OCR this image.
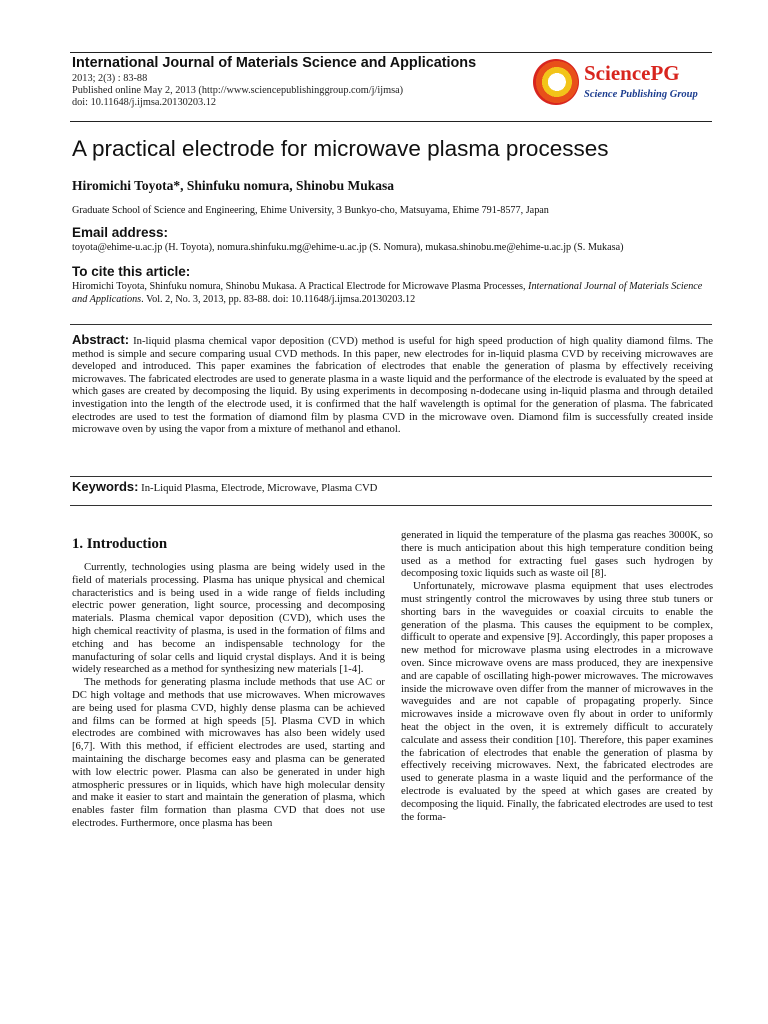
International Journal of Materials Science and Applications
2013; 2(3) : 83-88
Published online May 2, 2013 (http://www.sciencepublishinggroup.com/j/ijmsa)
doi: 10.11648/j.ijmsa.20130203.12
SciencePG
Science Publishing Group
A practical electrode for microwave plasma processes
Hiromichi Toyota*, Shinfuku nomura, Shinobu Mukasa
Graduate School of Science and Engineering, Ehime University, 3 Bunkyo-cho, Matsuyama, Ehime 791-8577, Japan
Email address:
toyota@ehime-u.ac.jp (H. Toyota), nomura.shinfuku.mg@ehime-u.ac.jp (S. Nomura), mukasa.shinobu.me@ehime-u.ac.jp (S. Mukasa)
To cite this article:
Hiromichi Toyota, Shinfuku nomura, Shinobu Mukasa. A Practical Electrode for Microwave Plasma Processes, International Journal of Materials Science and Applications. Vol. 2, No. 3, 2013, pp. 83-88. doi: 10.11648/j.ijmsa.20130203.12
Abstract: In-liquid plasma chemical vapor deposition (CVD) method is useful for high speed production of high quality diamond films. The method is simple and secure comparing usual CVD methods. In this paper, new electrodes for in-liquid plasma CVD by receiving microwaves are developed and introduced. This paper examines the fabrication of electrodes that enable the generation of plasma by effectively receiving microwaves. The fabricated electrodes are used to generate plasma in a waste liquid and the performance of the electrode is evaluated by the speed at which gases are created by decomposing the liquid. By using experiments in decomposing n-dodecane using in-liquid plasma and through detailed investigation into the length of the electrode used, it is confirmed that the half wavelength is optimal for the generation of plasma. The fabricated electrodes are used to test the formation of diamond film by plasma CVD in the microwave oven. Diamond film is successfully created inside microwave oven by using the vapor from a mixture of methanol and ethanol.
Keywords: In-Liquid Plasma, Electrode, Microwave, Plasma CVD
1. Introduction

Currently, technologies using plasma are being widely used in the field of materials processing. Plasma has unique physical and chemical characteristics and is being used in a wide range of fields including electric power generation, light source, processing and decomposing materials. Plasma chemical vapor deposition (CVD), which uses the high chemical reactivity of plasma, is used in the formation of films and etching and has become an indispensable technology for the manufacturing of solar cells and liquid crystal displays. And it is being widely researched as a method for synthesizing new materials [1-4].

The methods for generating plasma include methods that use AC or DC high voltage and methods that use microwaves. When microwaves are being used for plasma CVD, highly dense plasma can be achieved and films can be formed at high speeds [5]. Plasma CVD in which electrodes are combined with microwaves has also been widely used [6,7]. With this method, if efficient electrodes are used, starting and maintaining the discharge becomes easy and plasma can be generated with low electric power. Plasma can also be generated in under high atmospheric pressures or in liquids, which have high molecular density and make it easier to start and maintain the generation of plasma, which enables faster film formation than plasma CVD that does not use electrodes. Furthermore, once plasma has been

generated in liquid the temperature of the plasma gas reaches 3000K, so there is much anticipation about this high temperature condition being used as a method for extracting fuel gases such hydrogen by decomposing toxic liquids such as waste oil [8].

Unfortunately, microwave plasma equipment that uses electrodes must stringently control the microwaves by using three stub tuners or shorting bars in the waveguides or coaxial circuits to enable the generation of the plasma. This causes the equipment to be complex, difficult to operate and expensive [9]. Accordingly, this paper proposes a new method for microwave plasma using electrodes in a microwave oven. Since microwave ovens are mass produced, they are inexpensive and are capable of oscillating high-power microwaves. The microwaves inside the microwave oven differ from the manner of microwaves in the waveguides and are not capable of propagating properly. Since microwaves inside a microwave oven fly about in order to uniformly heat the object in the oven, it is extremely difficult to accurately calculate and assess their condition [10]. Therefore, this paper examines the fabrication of electrodes that enable the generation of plasma by effectively receiving microwaves. Next, the fabricated electrodes are used to generate plasma in a waste liquid and the performance of the electrode is evaluated by the speed at which gases are created by decomposing the liquid. Finally, the fabricated electrodes are used to test the forma-
